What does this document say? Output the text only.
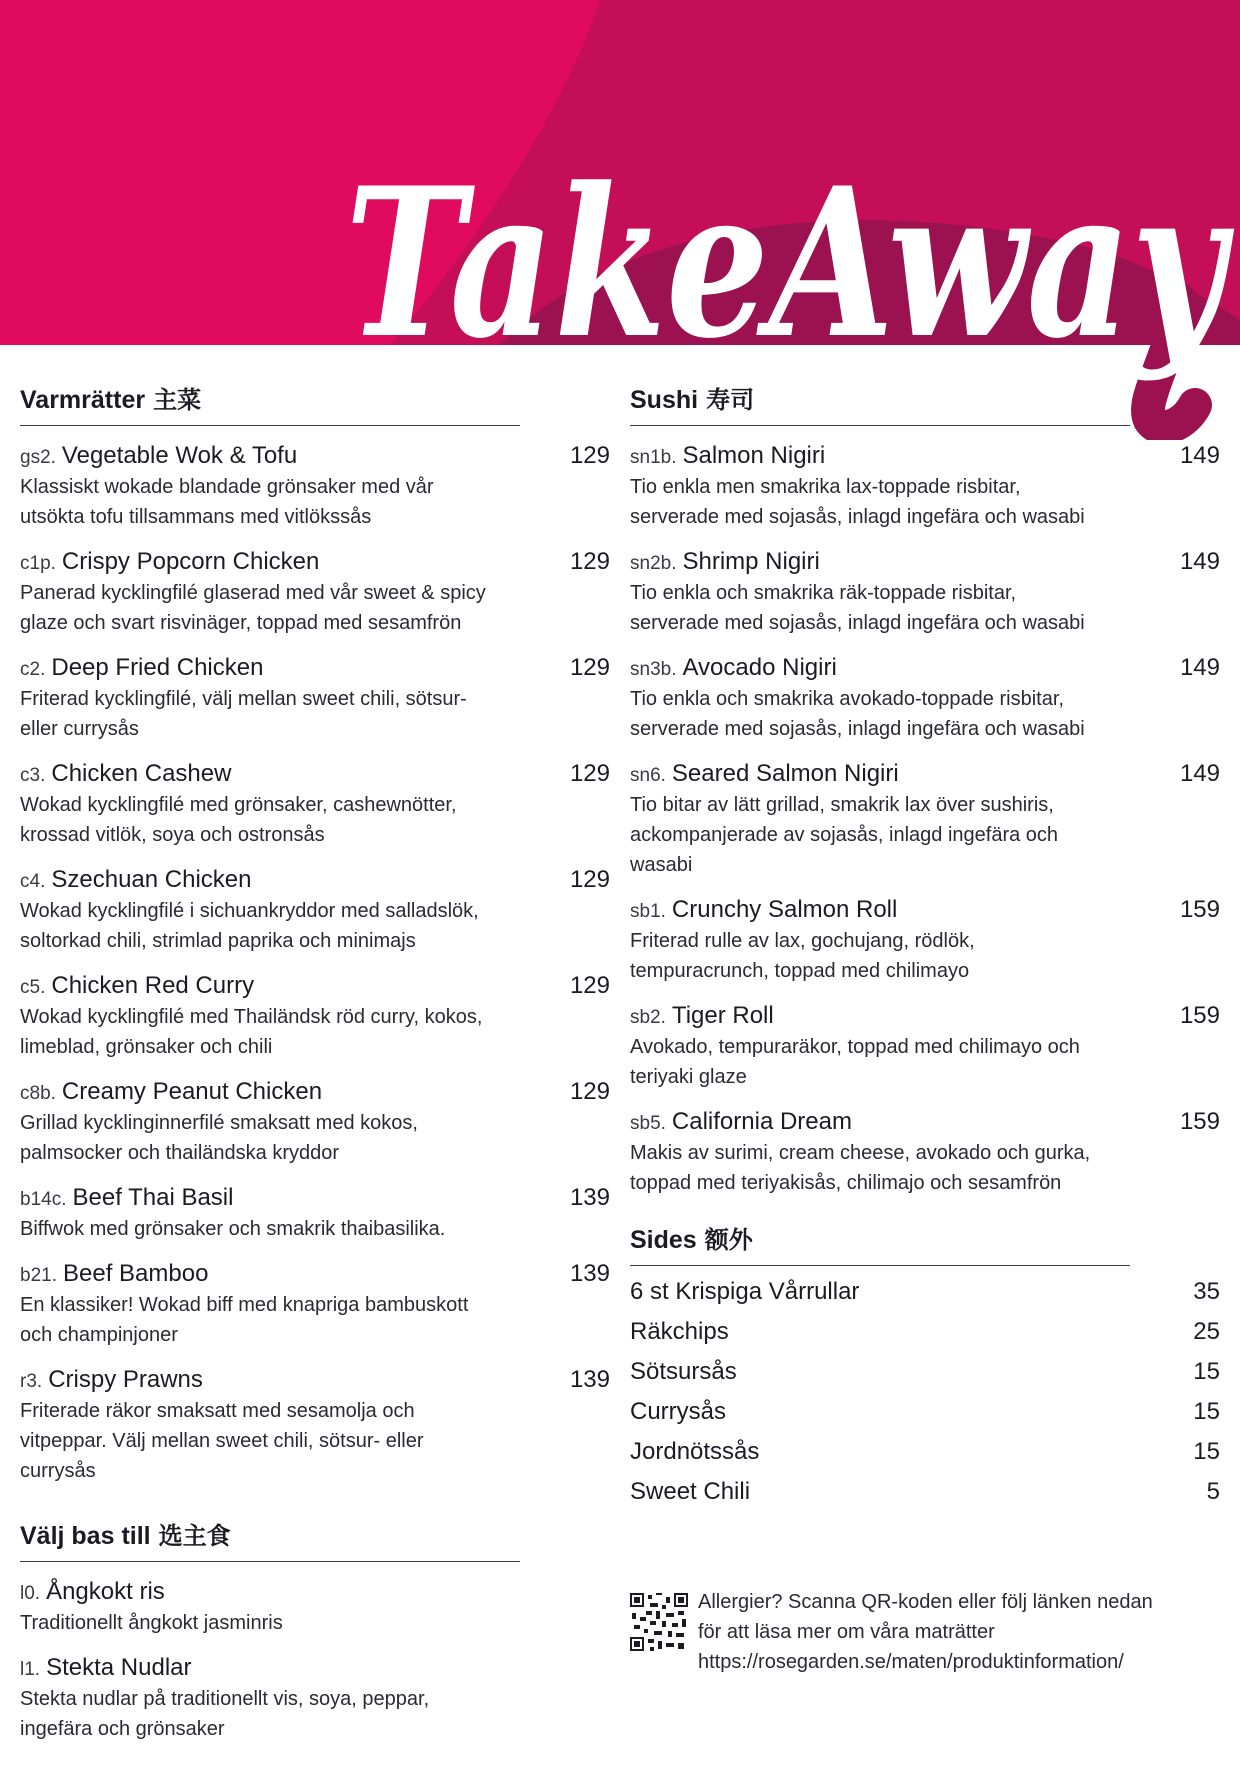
外卖
TakeAway
Varmrätter 主菜
gs2. Vegetable Wok & Tofu	129
Klassiskt wokade blandade grönsaker med vår utsökta tofu tillsammans med vitlökssås
c1p. Crispy Popcorn Chicken	129
Panerad kycklingfilé glaserad med vår sweet & spicy glaze och svart risvinäger, toppad med sesamfrön
c2. Deep Fried Chicken	129
Friterad kycklingfilé, välj mellan sweet chili, sötsur- eller currysås
c3. Chicken Cashew	129
Wokad kycklingfilé med grönsaker, cashewnötter, krossad vitlök, soya och ostronsås
c4. Szechuan Chicken	129
Wokad kycklingfilé i sichuankryddor med salladslök, soltorkad chili, strimlad paprika och minimajs
c5. Chicken Red Curry	129
Wokad kycklingfilé med Thailändsk röd curry, kokos, limeblad, grönsaker och chili
c8b. Creamy Peanut Chicken	129
Grillad kycklinginnerfilé smaksatt med kokos, palmsocker och thailändska kryddor
b14c. Beef Thai Basil	139
Biffwok med grönsaker och smakrik thaibasilika.
b21. Beef Bamboo	139
En klassiker! Wokad biff med knapriga bambuskott och champinjoner
r3. Crispy Prawns	139
Friterade räkor smaksatt med sesamolja och vitpeppar. Välj mellan sweet chili, sötsur- eller currysås
Välj bas till 选主食
l0. Ångkokt ris
Traditionellt ångkokt jasminris
l1. Stekta Nudlar
Stekta nudlar på traditionellt vis, soya, peppar, ingefära och grönsaker
Sushi 寿司
sn1b. Salmon Nigiri	149
Tio enkla men smakrika lax-toppade risbitar, serverade med sojasås, inlagd ingefära och wasabi
sn2b. Shrimp Nigiri	149
Tio enkla och smakrika räk-toppade risbitar, serverade med sojasås, inlagd ingefära och wasabi
sn3b. Avocado Nigiri	149
Tio enkla och smakrika avokado-toppade risbitar, serverade med sojasås, inlagd ingefära och wasabi
sn6. Seared Salmon Nigiri	149
Tio bitar av lätt grillad, smakrik lax över sushiris, ackompanjerade av sojasås, inlagd ingefära och wasabi
sb1. Crunchy Salmon Roll	159
Friterad rulle av lax, gochujang, rödlök, tempuracrunch, toppad med chilimayo
sb2. Tiger Roll	159
Avokado, tempuraräkor, toppad med chilimayo och teriyaki glaze
sb5. California Dream	159
Makis av surimi, cream cheese, avokado och gurka, toppad med teriyakisås, chilimajo och sesamfrön
Sides 额外
6 st Krispiga Vårrullar	35
Räkchips	25
Sötsursås	15
Currysås	15
Jordnötssås	15
Sweet Chili	5
Allergier? Scanna QR-koden eller följ länken nedan
för att läsa mer om våra maträtter
https://rosegarden.se/maten/produktinformation/
